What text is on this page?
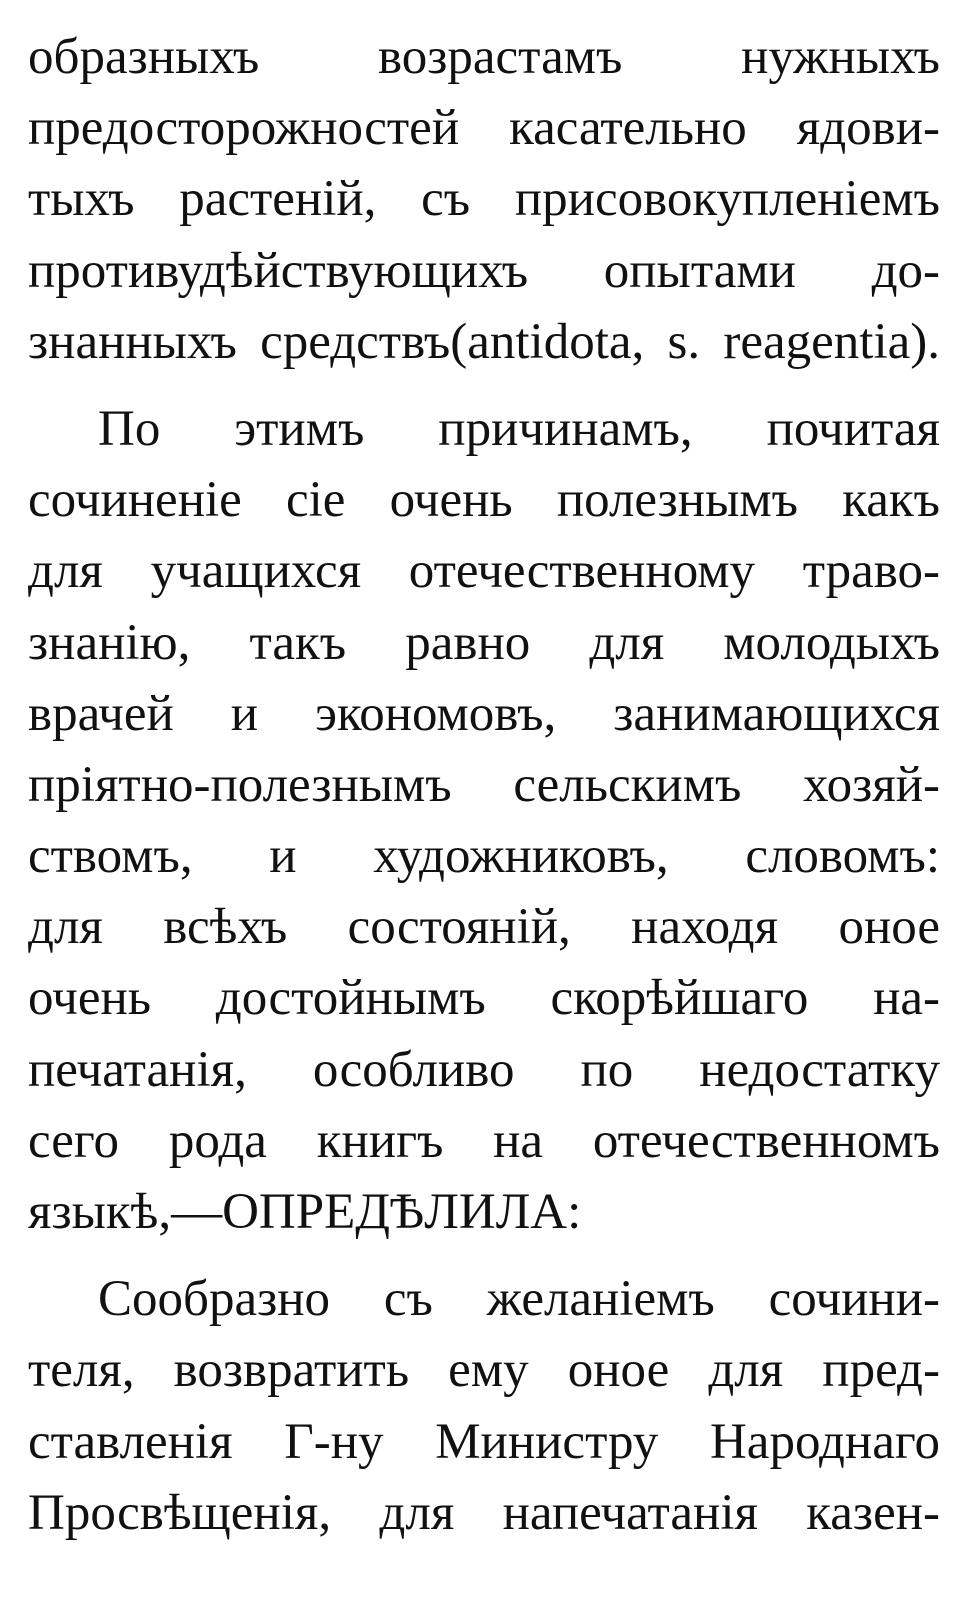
образныхъ возрастамъ нужныхъ
предосторожностей касательно ядови-
тыхъ растенiй, съ присовокупленiемъ
противудѣйствующихъ опытами до-
знанныхъ средствъ(antidota, s. reagentia).

По этимъ причинамъ, почитая
сочиненiе сiе очень полезнымъ какъ
для учащихся отечественному траво-
знанiю, такъ равно для молодыхъ
врачей и экономовъ, занимающихся
прiятно-полезнымъ сельскимъ хозяй-
ствомъ, и художниковъ, словомъ:
для всѣхъ состоянiй, находя оное
очень достойнымъ скорѣйшаго на-
печатанiя, особливо по недостатку
сего рода книгъ на отечественномъ
языкѣ,—ОПРЕДѢЛИЛА:

Сообразно съ желанiемъ сочини-
теля, возвратить ему оное для пред-
ставленiя Г-ну Министру Народнаго
Просвѣщенiя, для напечатанiя казен-
